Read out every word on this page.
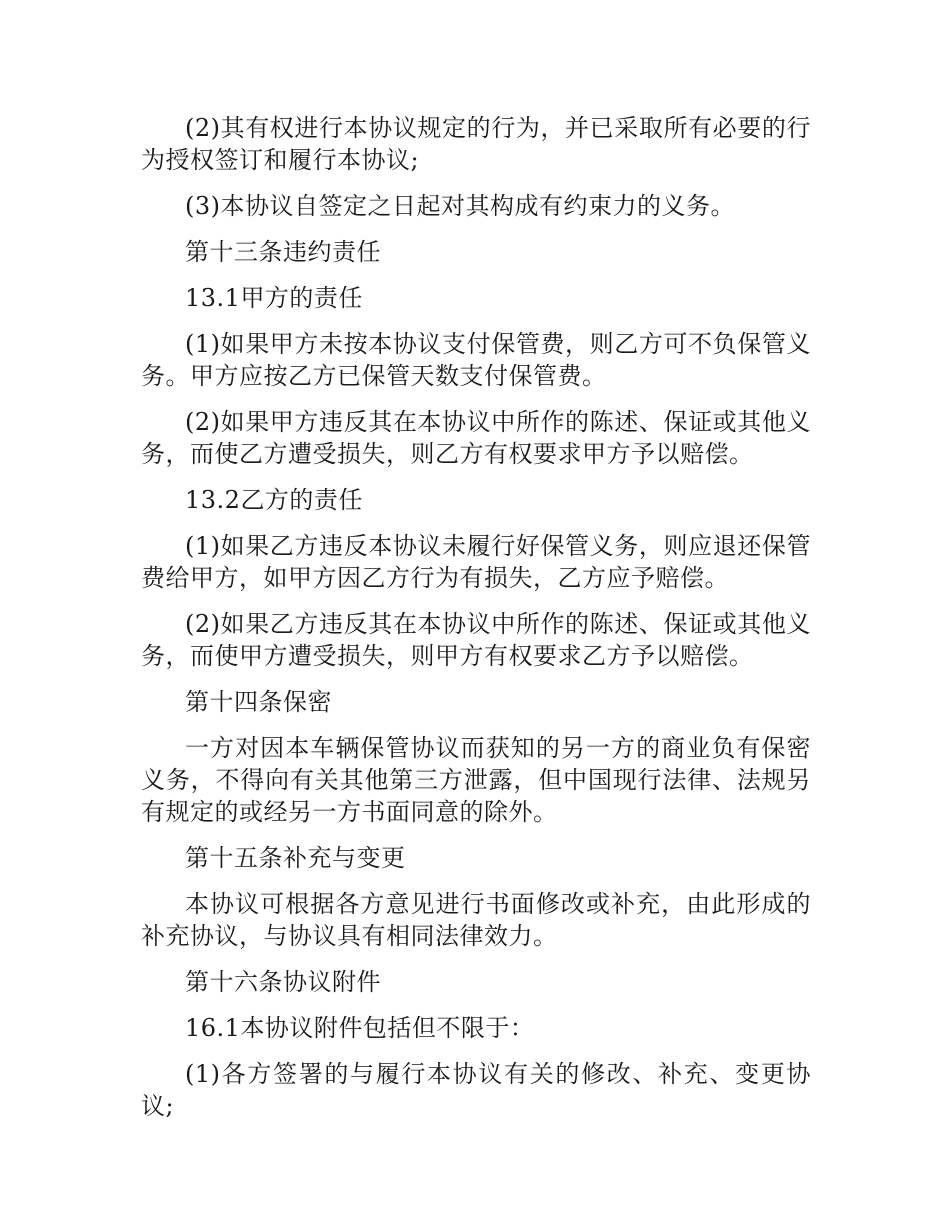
(2)其有权进行本协议规定的行为，并已采取所有必要的行为授权签订和履行本协议;

(3)本协议自签定之日起对其构成有约束力的义务。

第十三条违约责任

13.1甲方的责任

(1)如果甲方未按本协议支付保管费，则乙方可不负保管义务。甲方应按乙方已保管天数支付保管费。

(2)如果甲方违反其在本协议中所作的陈述、保证或其他义务，而使乙方遭受损失，则乙方有权要求甲方予以赔偿。

13.2乙方的责任

(1)如果乙方违反本协议未履行好保管义务，则应退还保管费给甲方，如甲方因乙方行为有损失，乙方应予赔偿。

(2)如果乙方违反其在本协议中所作的陈述、保证或其他义务，而使甲方遭受损失，则甲方有权要求乙方予以赔偿。

第十四条保密

一方对因本车辆保管协议而获知的另一方的商业负有保密义务，不得向有关其他第三方泄露，但中国现行法律、法规另有规定的或经另一方书面同意的除外。

第十五条补充与变更

本协议可根据各方意见进行书面修改或补充，由此形成的补充协议，与协议具有相同法律效力。

第十六条协议附件

16.1本协议附件包括但不限于：

(1)各方签署的与履行本协议有关的修改、补充、变更协议;
